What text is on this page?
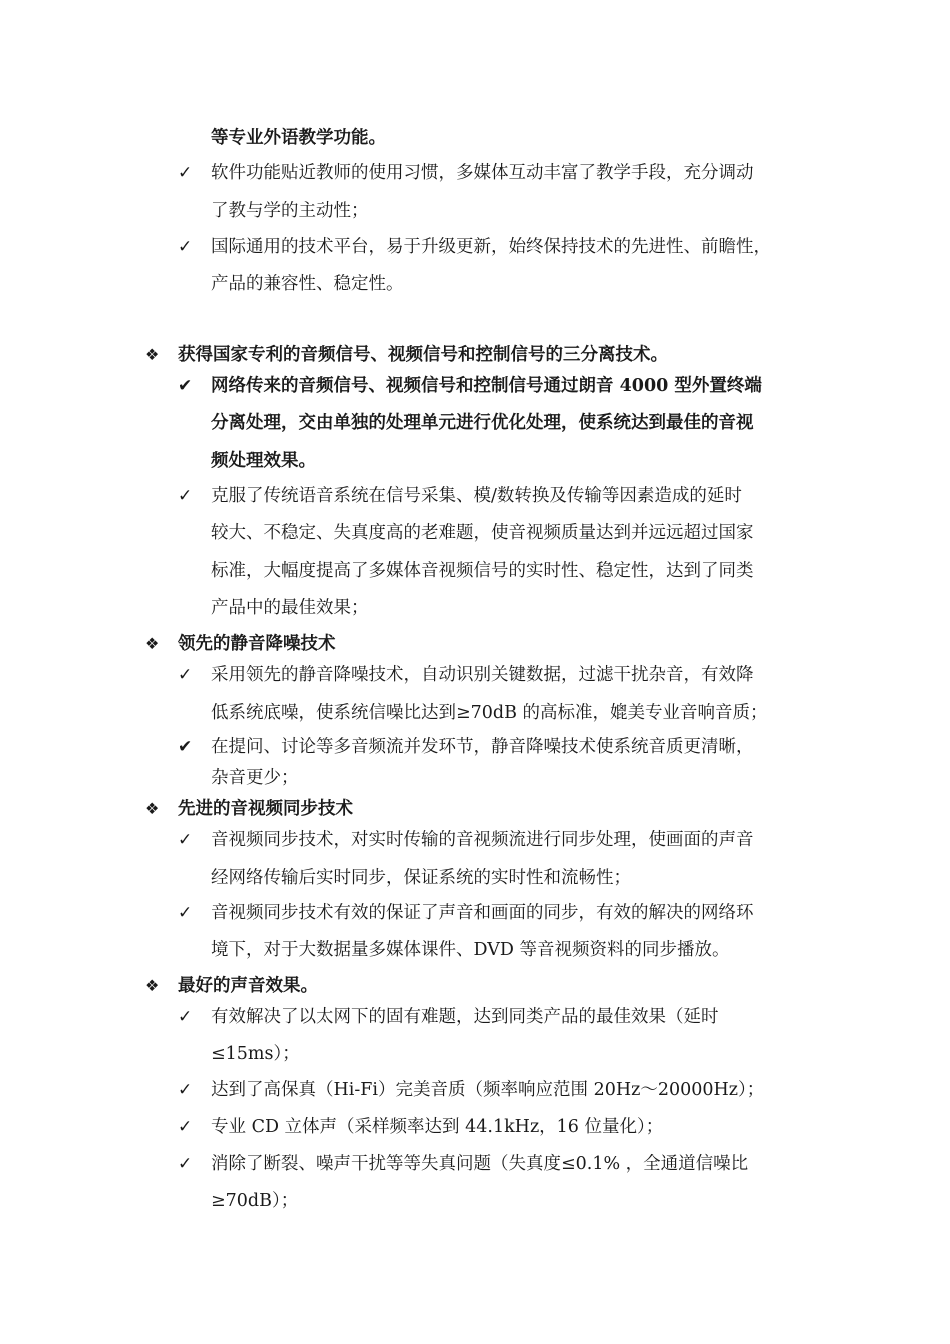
等专业外语教学功能。
✓ 软件功能贴近教师的使用习惯，多媒体互动丰富了教学手段，充分调动
了教与学的主动性；
✓ 国际通用的技术平台，易于升级更新，始终保持技术的先进性、前瞻性，
产品的兼容性、稳定性。
❖ 获得国家专利的音频信号、视频信号和控制信号的三分离技术。
✔ 网络传来的音频信号、视频信号和控制信号通过朗音 4000 型外置终端
分离处理，交由单独的处理单元进行优化处理，使系统达到最佳的音视
频处理效果。
✓ 克服了传统语音系统在信号采集、模/数转换及传输等因素造成的延时
较大、不稳定、失真度高的老难题，使音视频质量达到并远远超过国家
标准，大幅度提高了多媒体音视频信号的实时性、稳定性，达到了同类
产品中的最佳效果；
❖ 领先的静音降噪技术
✓ 采用领先的静音降噪技术，自动识别关键数据，过滤干扰杂音，有效降
低系统底噪，使系统信噪比达到≥70dB 的高标准，媲美专业音响音质；
✔ 在提问、讨论等多音频流并发环节，静音降噪技术使系统音质更清晰，
杂音更少；
❖ 先进的音视频同步技术
✓ 音视频同步技术，对实时传输的音视频流进行同步处理，使画面的声音
经网络传输后实时同步，保证系统的实时性和流畅性；
✓ 音视频同步技术有效的保证了声音和画面的同步，有效的解决的网络环
境下，对于大数据量多媒体课件、DVD 等音视频资料的同步播放。
❖ 最好的声音效果。
✓ 有效解决了以太网下的固有难题，达到同类产品的最佳效果（延时
≤15ms）；
✓ 达到了高保真（Hi-Fi）完美音质（频率响应范围 20Hz～20000Hz）；
✓ 专业 CD 立体声（采样频率达到 44.1kHz，16 位量化）；
✓ 消除了断裂、噪声干扰等等失真问题（失真度≤0.1% ，全通道信噪比
≥70dB）；
